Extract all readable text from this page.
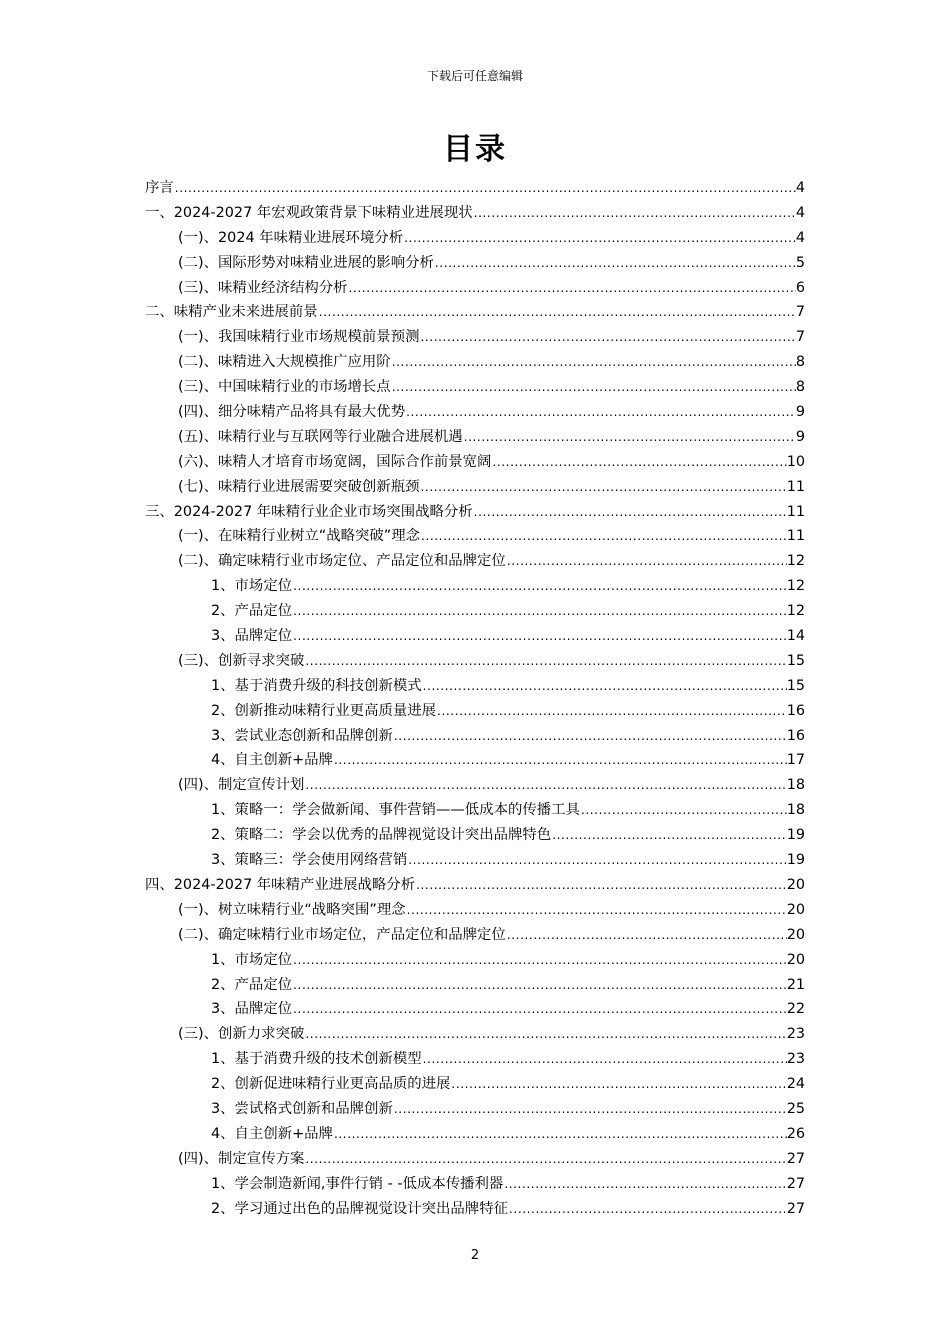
下载后可任意编辑
目录
序言 .....	4
一、2024-2027 年宏观政策背景下味精业进展现状 .....	4
(一)、2024 年味精业进展环境分析 .....	4
(二)、国际形势对味精业进展的影响分析 .....	5
(三)、味精业经济结构分析 .....	6
二、味精产业未来进展前景 .....	7
(一)、我国味精行业市场规模前景预测 .....	7
(二)、味精进入大规模推广应用阶 .....	8
(三)、中国味精行业的市场增长点 .....	8
(四)、细分味精产品将具有最大优势 .....	9
(五)、味精行业与互联网等行业融合进展机遇 .....	9
(六)、味精人才培育市场宽阔，国际合作前景宽阔 .....	10
(七)、味精行业进展需要突破创新瓶颈 .....	11
三、2024-2027 年味精行业企业市场突围战略分析 .....	11
(一)、在味精行业树立“战略突破”理念 .....	11
(二)、确定味精行业市场定位、产品定位和品牌定位 .....	12
1、市场定位 .....	12
2、产品定位 .....	12
3、品牌定位 .....	14
(三)、创新寻求突破 .....	15
1、基于消费升级的科技创新模式 .....	15
2、创新推动味精行业更高质量进展 .....	16
3、尝试业态创新和品牌创新 .....	16
4、自主创新+品牌 .....	17
(四)、制定宣传计划 .....	18
1、策略一：学会做新闻、事件营销——低成本的传播工具 .....	18
2、策略二：学会以优秀的品牌视觉设计突出品牌特色 .....	19
3、策略三：学会使用网络营销 .....	19
四、2024-2027 年味精产业进展战略分析 .....	20
(一)、树立味精行业“战略突围”理念 .....	20
(二)、确定味精行业市场定位，产品定位和品牌定位 .....	20
1、市场定位 .....	20
2、产品定位 .....	21
3、品牌定位 .....	22
(三)、创新力求突破 .....	23
1、基于消费升级的技术创新模型 .....	23
2、创新促进味精行业更高品质的进展 .....	24
3、尝试格式创新和品牌创新 .....	25
4、自主创新+品牌 .....	26
(四)、制定宣传方案 .....	27
1、学会制造新闻,事件行销 - -低成本传播利器 .....	27
2、学习通过出色的品牌视觉设计突出品牌特征 .....	27
2
